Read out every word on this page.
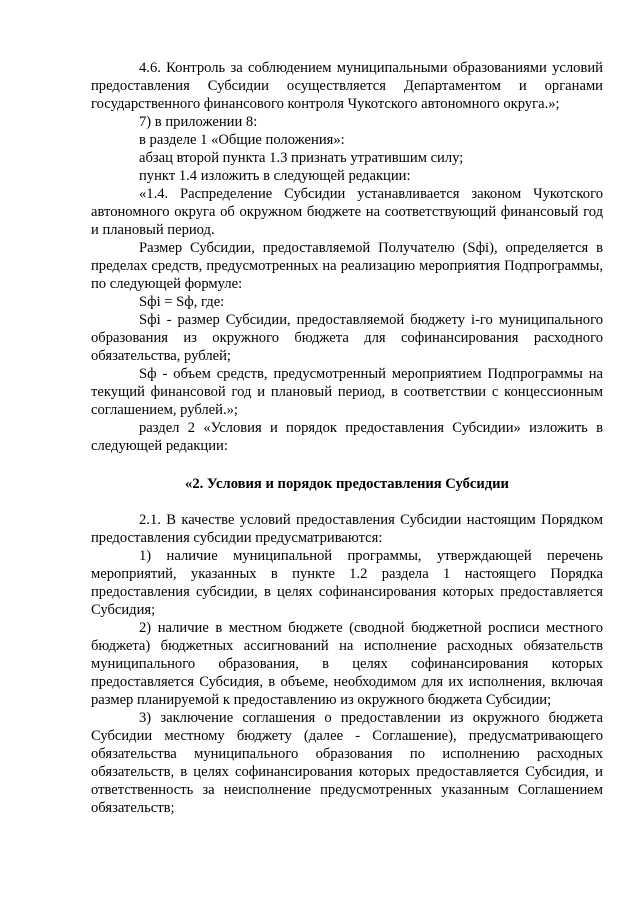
4.6. Контроль за соблюдением муниципальными образованиями условий предоставления Субсидии осуществляется Департаментом и органами государственного финансового контроля Чукотского автономного округа.»;

7) в приложении 8:

в разделе 1 «Общие положения»:

абзац второй пункта 1.3 признать утратившим силу;

пункт 1.4 изложить в следующей редакции:

«1.4. Распределение Субсидии устанавливается законом Чукотского автономного округа об окружном бюджете на соответствующий финансовый год и плановый период.

Размер Субсидии, предоставляемой Получателю (Sфi), определяется в пределах средств, предусмотренных на реализацию мероприятия Подпрограммы, по следующей формуле:

Sфi = Sф, где:

Sфi - размер Субсидии, предоставляемой бюджету i-го муниципального образования из окружного бюджета для софинансирования расходного обязательства, рублей;

Sф - объем средств, предусмотренный мероприятием Подпрограммы на текущий финансовой год и плановый период, в соответствии с концессионным соглашением, рублей.»;

раздел 2 «Условия и порядок предоставления Субсидии» изложить в следующей редакции:

«2. Условия и порядок предоставления Субсидии

2.1. В качестве условий предоставления Субсидии настоящим Порядком предоставления субсидии предусматриваются:

1) наличие муниципальной программы, утверждающей перечень мероприятий, указанных в пункте 1.2 раздела 1 настоящего Порядка предоставления субсидии, в целях софинансирования которых предоставляется Субсидия;

2) наличие в местном бюджете (сводной бюджетной росписи местного бюджета) бюджетных ассигнований на исполнение расходных обязательств муниципального образования, в целях софинансирования которых предоставляется Субсидия, в объеме, необходимом для их исполнения, включая размер планируемой к предоставлению из окружного бюджета Субсидии;

3) заключение соглашения о предоставлении из окружного бюджета Субсидии местному бюджету (далее - Соглашение), предусматривающего обязательства муниципального образования по исполнению расходных обязательств, в целях софинансирования которых предоставляется Субсидия, и ответственность за неисполнение предусмотренных указанным Соглашением обязательств;
